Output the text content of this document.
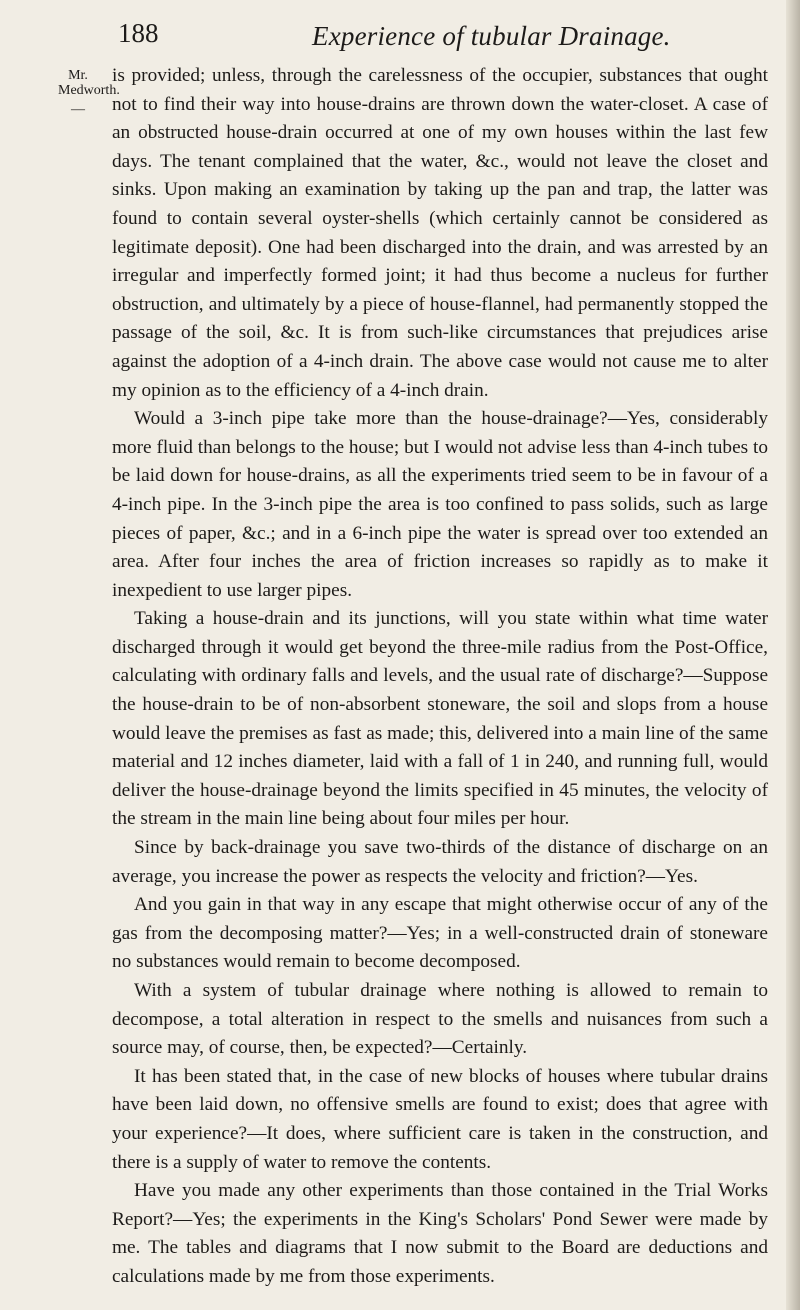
188	Experience of tubular Drainage.
Mr.
Medworth.
—

is provided; unless, through the carelessness of the occupier, substances that ought not to find their way into house-drains are thrown down the water-closet. A case of an obstructed house-drain occurred at one of my own houses within the last few days. The tenant complained that the water, &c., would not leave the closet and sinks. Upon making an examination by taking up the pan and trap, the latter was found to contain several oyster-shells (which certainly cannot be considered as legitimate deposit). One had been discharged into the drain, and was arrested by an irregular and imperfectly formed joint; it had thus become a nucleus for further obstruction, and ultimately by a piece of house-flannel, had permanently stopped the passage of the soil, &c. It is from such-like circumstances that prejudices arise against the adoption of a 4-inch drain. The above case would not cause me to alter my opinion as to the efficiency of a 4-inch drain.

Would a 3-inch pipe take more than the house-drainage?—Yes, considerably more fluid than belongs to the house; but I would not advise less than 4-inch tubes to be laid down for house-drains, as all the experiments tried seem to be in favour of a 4-inch pipe. In the 3-inch pipe the area is too confined to pass solids, such as large pieces of paper, &c.; and in a 6-inch pipe the water is spread over too extended an area. After four inches the area of friction increases so rapidly as to make it inexpedient to use larger pipes.

Taking a house-drain and its junctions, will you state within what time water discharged through it would get beyond the three-mile radius from the Post-Office, calculating with ordinary falls and levels, and the usual rate of discharge?—Suppose the house-drain to be of non-absorbent stoneware, the soil and slops from a house would leave the premises as fast as made; this, delivered into a main line of the same material and 12 inches diameter, laid with a fall of 1 in 240, and running full, would deliver the house-drainage beyond the limits specified in 45 minutes, the velocity of the stream in the main line being about four miles per hour.

Since by back-drainage you save two-thirds of the distance of discharge on an average, you increase the power as respects the velocity and friction?—Yes.

And you gain in that way in any escape that might otherwise occur of any of the gas from the decomposing matter?—Yes; in a well-constructed drain of stoneware no substances would remain to become decomposed.

With a system of tubular drainage where nothing is allowed to remain to decompose, a total alteration in respect to the smells and nuisances from such a source may, of course, then, be expected?—Certainly.

It has been stated that, in the case of new blocks of houses where tubular drains have been laid down, no offensive smells are found to exist; does that agree with your experience?—It does, where sufficient care is taken in the construction, and there is a supply of water to remove the contents.

Have you made any other experiments than those contained in the Trial Works Report?—Yes; the experiments in the King's Scholars' Pond Sewer were made by me. The tables and diagrams that I now submit to the Board are deductions and calculations made by me from those experiments.
